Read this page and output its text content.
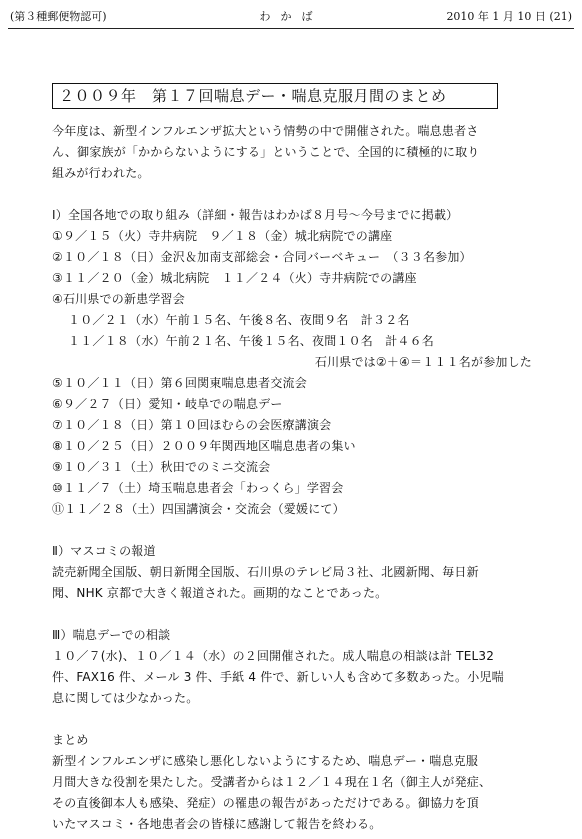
(第３種郵便物認可)	わかば	2010 年 1 月 10 日 (21)
２００９年　第１７回喘息デー・喘息克服月間のまとめ

今年度は、新型インフルエンザ拡大という情勢の中で開催された。喘息患者さ

ん、御家族が「かからないようにする」ということで、全国的に積極的に取り

組みが行われた。

Ⅰ）全国各地での取り組み（詳細・報告はわかば８月号～今号までに掲載）

①９／１５（火）寺井病院　９／１８（金）城北病院での講座

②１０／１８（日）金沢＆加南支部総会・合同バーベキュー　（３３名参加）

③１１／２０（金）城北病院　１１／２４（火）寺井病院での講座

④石川県での新患学習会

１０／２１（水）午前１５名、午後８名、夜間９名　計３２名

１１／１８（水）午前２１名、午後１５名、夜間１０名　計４６名

石川県では②＋④＝１１１名が参加した

⑤１０／１１（日）第６回関東喘息患者交流会

⑥９／２７（日）愛知・岐阜での喘息デー

⑦１０／１８（日）第１０回ほむらの会医療講演会

⑧１０／２５（日）２００９年関西地区喘息患者の集い

⑨１０／３１（土）秋田でのミニ交流会

⑩１１／７（土）埼玉喘息患者会「わっくら」学習会

⑪１１／２８（土）四国講演会・交流会（愛媛にて）

Ⅱ）マスコミの報道

読売新聞全国版、朝日新聞全国版、石川県のテレビ局３社、北國新聞、毎日新

聞、NHK 京都で大きく報道された。画期的なことであった。

Ⅲ）喘息デーでの相談

１０／７(水)、１０／１４（水）の２回開催された。成人喘息の相談は計 TEL32

件、FAX16 件、メール 3 件、手紙 4 件で、新しい人も含めて多数あった。小児喘

息に関しては少なかった。

まとめ

新型インフルエンザに感染し悪化しないようにするため、喘息デー・喘息克服

月間大きな役割を果たした。受講者からは１２／１４現在１名（御主人が発症、

その直後御本人も感染、発症）の罹患の報告があっただけである。御協力を頂

いたマスコミ・各地患者会の皆様に感謝して報告を終わる。
